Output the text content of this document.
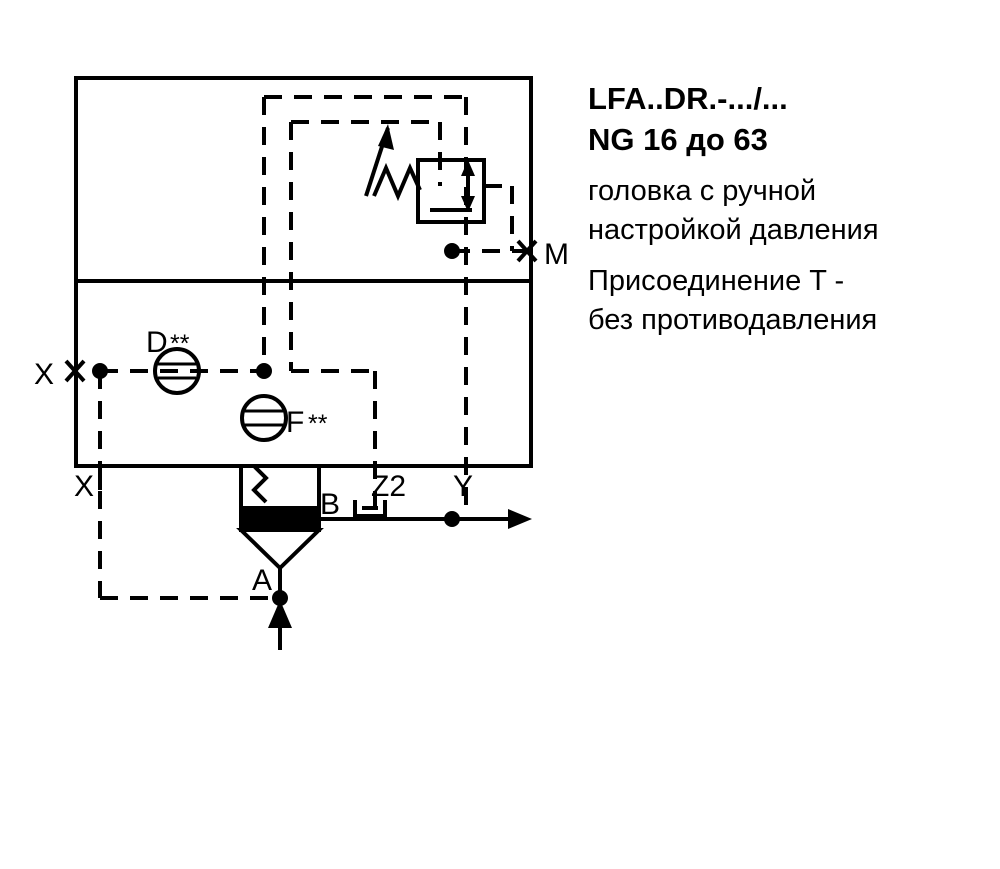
M
X
D **
F **
X	Z2 Y
B
A
LFA..DR.-.../...
NG 16 до 63
головка с ручной
настройкой давления
Присоединение T -
без противодавления
